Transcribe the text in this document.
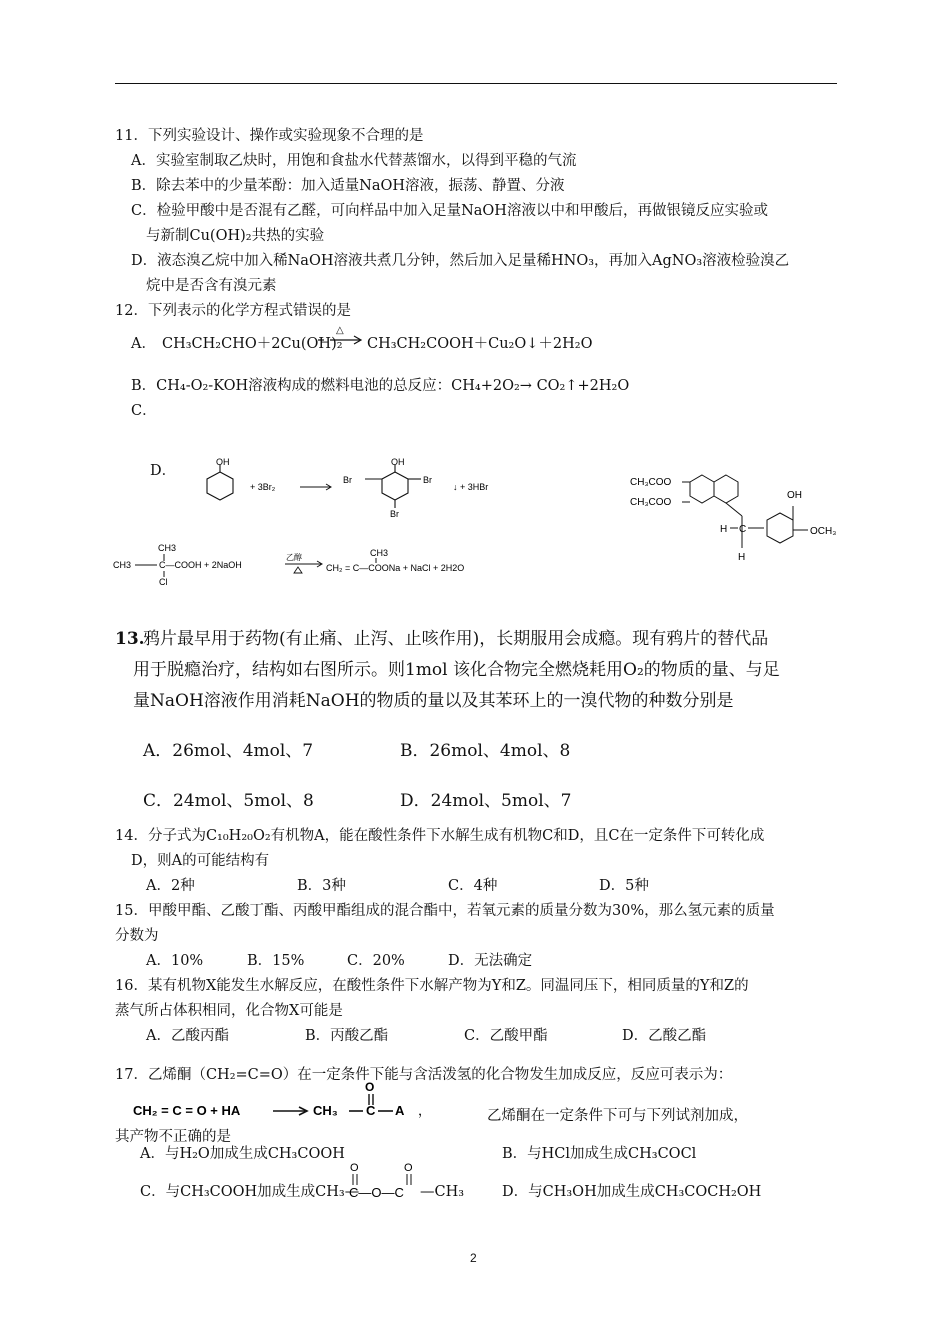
11．下列实验设计、操作或实验现象不合理的是
A．实验室制取乙炔时，用饱和食盐水代替蒸馏水，以得到平稳的气流
B．除去苯中的少量苯酚：加入适量NaOH溶液，振荡、静置、分液
C．检验甲酸中是否混有乙醛，可向样品中加入足量NaOH溶液以中和甲酸后，再做银镜反应实验或
与新制Cu(OH)₂共热的实验
D．液态溴乙烷中加入稀NaOH溶液共煮几分钟，然后加入足量稀HNO₃，再加入AgNO₃溶液检验溴乙
烷中是否含有溴元素
12．下列表示的化学方程式错误的是
A． CH₃CH₂CHO＋2Cu(OH)₂
△
CH₃CH₂COOH＋Cu₂O↓＋2H₂O
B．CH₄-O₂-KOH溶液构成的燃料电池的总反应：CH₄+2O₂→ CO₂↑+2H₂O
C．
D．
OH
+ 3Br₂
OH
Br	Br
Br
↓ + 3HBr
CH3
CH3	C—COOH + 2NaOH
Cl
乙醇	CH3
CH₂ = C—COONa + NaCl + 2H2O
CH₃COO
CH₃COO
H C
H
OH
OCH₃
13.
鸦片最早用于药物(有止痛、止泻、止咳作用)，长期服用会成瘾。现有鸦片的替代品
用于脱瘾治疗，结构如右图所示。则1mol 该化合物完全燃烧耗用O₂的物质的量、与足
量NaOH溶液作用消耗NaOH的物质的量以及其苯环上的一溴代物的种数分别是
A．26mol、4mol、7	B．26mol、4mol、8
C．24mol、5mol、8	D．24mol、5mol、7
14．分子式为C₁₀H₂₀O₂有机物A，能在酸性条件下水解生成有机物C和D，且C在一定条件下可转化成
D，则A的可能结构有
A．2种	B．3种	C．4种	D．5种
15．甲酸甲酯、乙酸丁酯、丙酸甲酯组成的混合酯中，若氧元素的质量分数为30%，那么氢元素的质量
分数为
A．10%	B．15%	C．20%	D．无法确定
16．某有机物X能发生水解反应，在酸性条件下水解产物为Y和Z。同温同压下，相同质量的Y和Z的
蒸气所占体积相同，化合物X可能是
A．乙酸丙酯	B．丙酸乙酯	C．乙酸甲酯	D．乙酸乙酯
17．乙烯酮（CH₂=C=O）在一定条件下能与含活泼氢的化合物发生加成反应，反应可表示为：
CH₂ = C = O + HA	CH₃
O
C A ，	乙烯酮在一定条件下可与下列试剂加成，
其产物不正确的是
A．与H₂O加成生成CH₃COOH	B．与HCl加成生成CH₃COCl
C．与CH₃COOH加成生成CH₃—
O	O
C—O—C —CH₃	D．与CH₃OH加成生成CH₃COCH₂OH
2
